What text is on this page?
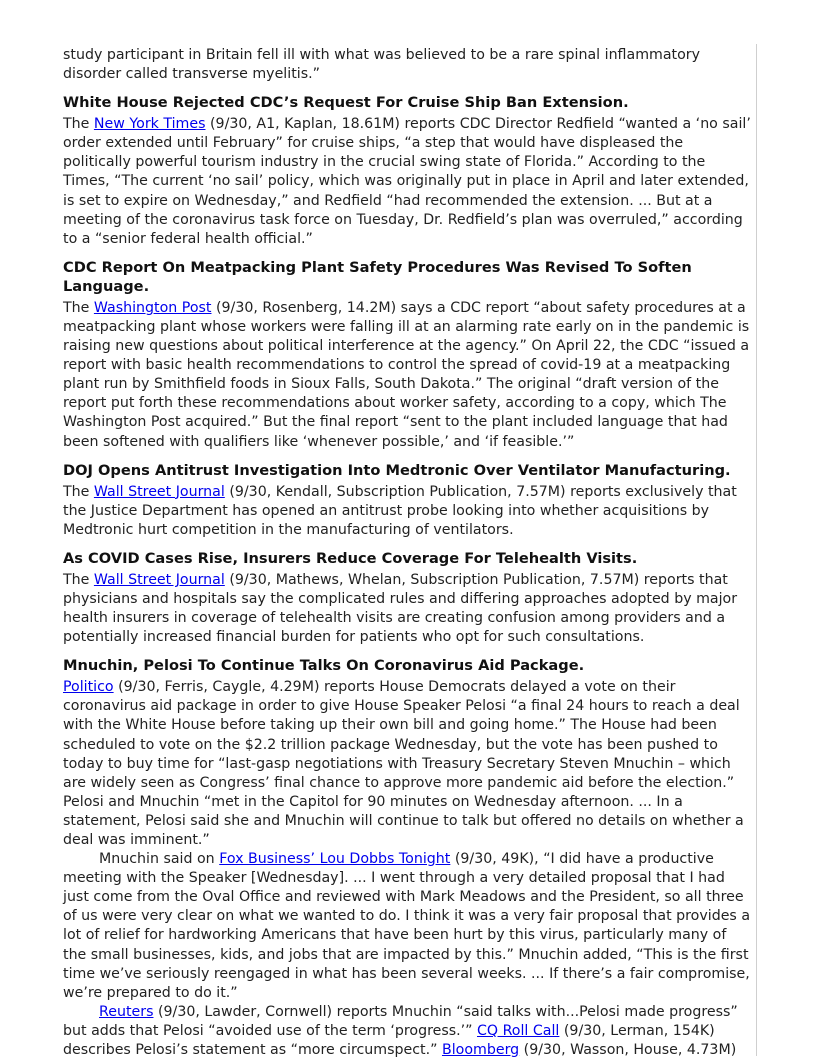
study participant in Britain fell ill with what was believed to be a rare spinal inflammatory disorder called transverse myelitis.”

White House Rejected CDC’s Request For Cruise Ship Ban Extension.

The New York Times (9/30, A1, Kaplan, 18.61M) reports CDC Director Redfield “wanted a ‘no sail’ order extended until February” for cruise ships, “a step that would have displeased the politically powerful tourism industry in the crucial swing state of Florida.” According to the Times, “The current ‘no sail’ policy, which was originally put in place in April and later extended, is set to expire on Wednesday,” and Redfield “had recommended the extension. ... But at a meeting of the coronavirus task force on Tuesday, Dr. Redfield’s plan was overruled,” according to a “senior federal health official.”

CDC Report On Meatpacking Plant Safety Procedures Was Revised To Soften Language.

The Washington Post (9/30, Rosenberg, 14.2M) says a CDC report “about safety procedures at a meatpacking plant whose workers were falling ill at an alarming rate early on in the pandemic is raising new questions about political interference at the agency.” On April 22, the CDC “issued a report with basic health recommendations to control the spread of covid-19 at a meatpacking plant run by Smithfield foods in Sioux Falls, South Dakota.” The original “draft version of the report put forth these recommendations about worker safety, according to a copy, which The Washington Post acquired.” But the final report “sent to the plant included language that had been softened with qualifiers like ‘whenever possible,’ and ‘if feasible.’”

DOJ Opens Antitrust Investigation Into Medtronic Over Ventilator Manufacturing.

The Wall Street Journal (9/30, Kendall, Subscription Publication, 7.57M) reports exclusively that the Justice Department has opened an antitrust probe looking into whether acquisitions by Medtronic hurt competition in the manufacturing of ventilators.

As COVID Cases Rise, Insurers Reduce Coverage For Telehealth Visits.

The Wall Street Journal (9/30, Mathews, Whelan, Subscription Publication, 7.57M) reports that physicians and hospitals say the complicated rules and differing approaches adopted by major health insurers in coverage of telehealth visits are creating confusion among providers and a potentially increased financial burden for patients who opt for such consultations.

Mnuchin, Pelosi To Continue Talks On Coronavirus Aid Package.

Politico (9/30, Ferris, Caygle, 4.29M) reports House Democrats delayed a vote on their coronavirus aid package in order to give House Speaker Pelosi “a final 24 hours to reach a deal with the White House before taking up their own bill and going home.” The House had been scheduled to vote on the $2.2 trillion package Wednesday, but the vote has been pushed to today to buy time for “last-gasp negotiations with Treasury Secretary Steven Mnuchin – which are widely seen as Congress’ final chance to approve more pandemic aid before the election.” Pelosi and Mnuchin “met in the Capitol for 90 minutes on Wednesday afternoon. ... In a statement, Pelosi said she and Mnuchin will continue to talk but offered no details on whether a deal was imminent.”

Mnuchin said on Fox Business’ Lou Dobbs Tonight (9/30, 49K), “I did have a productive meeting with the Speaker [Wednesday]. ... I went through a very detailed proposal that I had just come from the Oval Office and reviewed with Mark Meadows and the President, so all three of us were very clear on what we wanted to do. I think it was a very fair proposal that provides a lot of relief for hardworking Americans that have been hurt by this virus, particularly many of the small businesses, kids, and jobs that are impacted by this.” Mnuchin added, “This is the first time we’ve seriously reengaged in what has been several weeks. ... If there’s a fair compromise, we’re prepared to do it.”

Reuters (9/30, Lawder, Cornwell) reports Mnuchin “said talks with...Pelosi made progress” but adds that Pelosi “avoided use of the term ‘progress.’” CQ Roll Call (9/30, Lerman, 154K) describes Pelosi’s statement as “more circumspect.” Bloomberg (9/30, Wasson, House, 4.73M)
